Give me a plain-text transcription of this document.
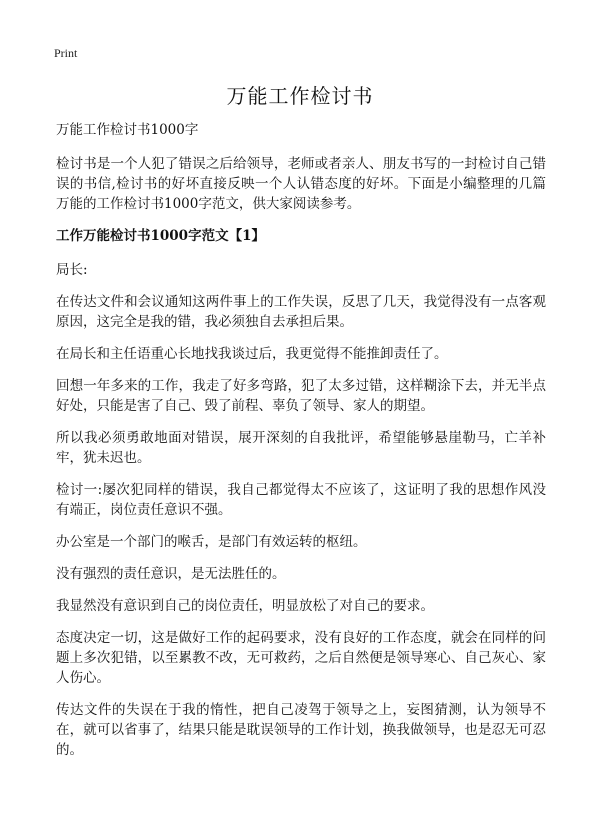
Print
万能工作检讨书

万能工作检讨书1000字

检讨书是一个人犯了错误之后给领导，老师或者亲人、朋友书写的一封检讨自己错误的书信,检讨书的好坏直接反映一个人认错态度的好坏。下面是小编整理的几篇万能的工作检讨书1000字范文，供大家阅读参考。

工作万能检讨书1000字范文【1】

局长:

在传达文件和会议通知这两件事上的工作失误，反思了几天，我觉得没有一点客观原因，这完全是我的错，我必须独自去承担后果。

在局长和主任语重心长地找我谈过后，我更觉得不能推卸责任了。

回想一年多来的工作，我走了好多弯路，犯了太多过错，这样糊涂下去，并无半点好处，只能是害了自己、毁了前程、辜负了领导、家人的期望。

所以我必须勇敢地面对错误，展开深刻的自我批评，希望能够悬崖勒马，亡羊补牢，犹未迟也。

检讨一:屡次犯同样的错误，我自己都觉得太不应该了，这证明了我的思想作风没有端正，岗位责任意识不强。

办公室是一个部门的喉舌，是部门有效运转的枢纽。

没有强烈的责任意识，是无法胜任的。

我显然没有意识到自己的岗位责任，明显放松了对自己的要求。

态度决定一切，这是做好工作的起码要求，没有良好的工作态度，就会在同样的问题上多次犯错，以至累教不改，无可救药，之后自然便是领导寒心、自己灰心、家人伤心。

传达文件的失误在于我的惰性，把自己凌驾于领导之上，妄图猜测，认为领导不在，就可以省事了，结果只能是耽误领导的工作计划，换我做领导，也是忍无可忍的。
